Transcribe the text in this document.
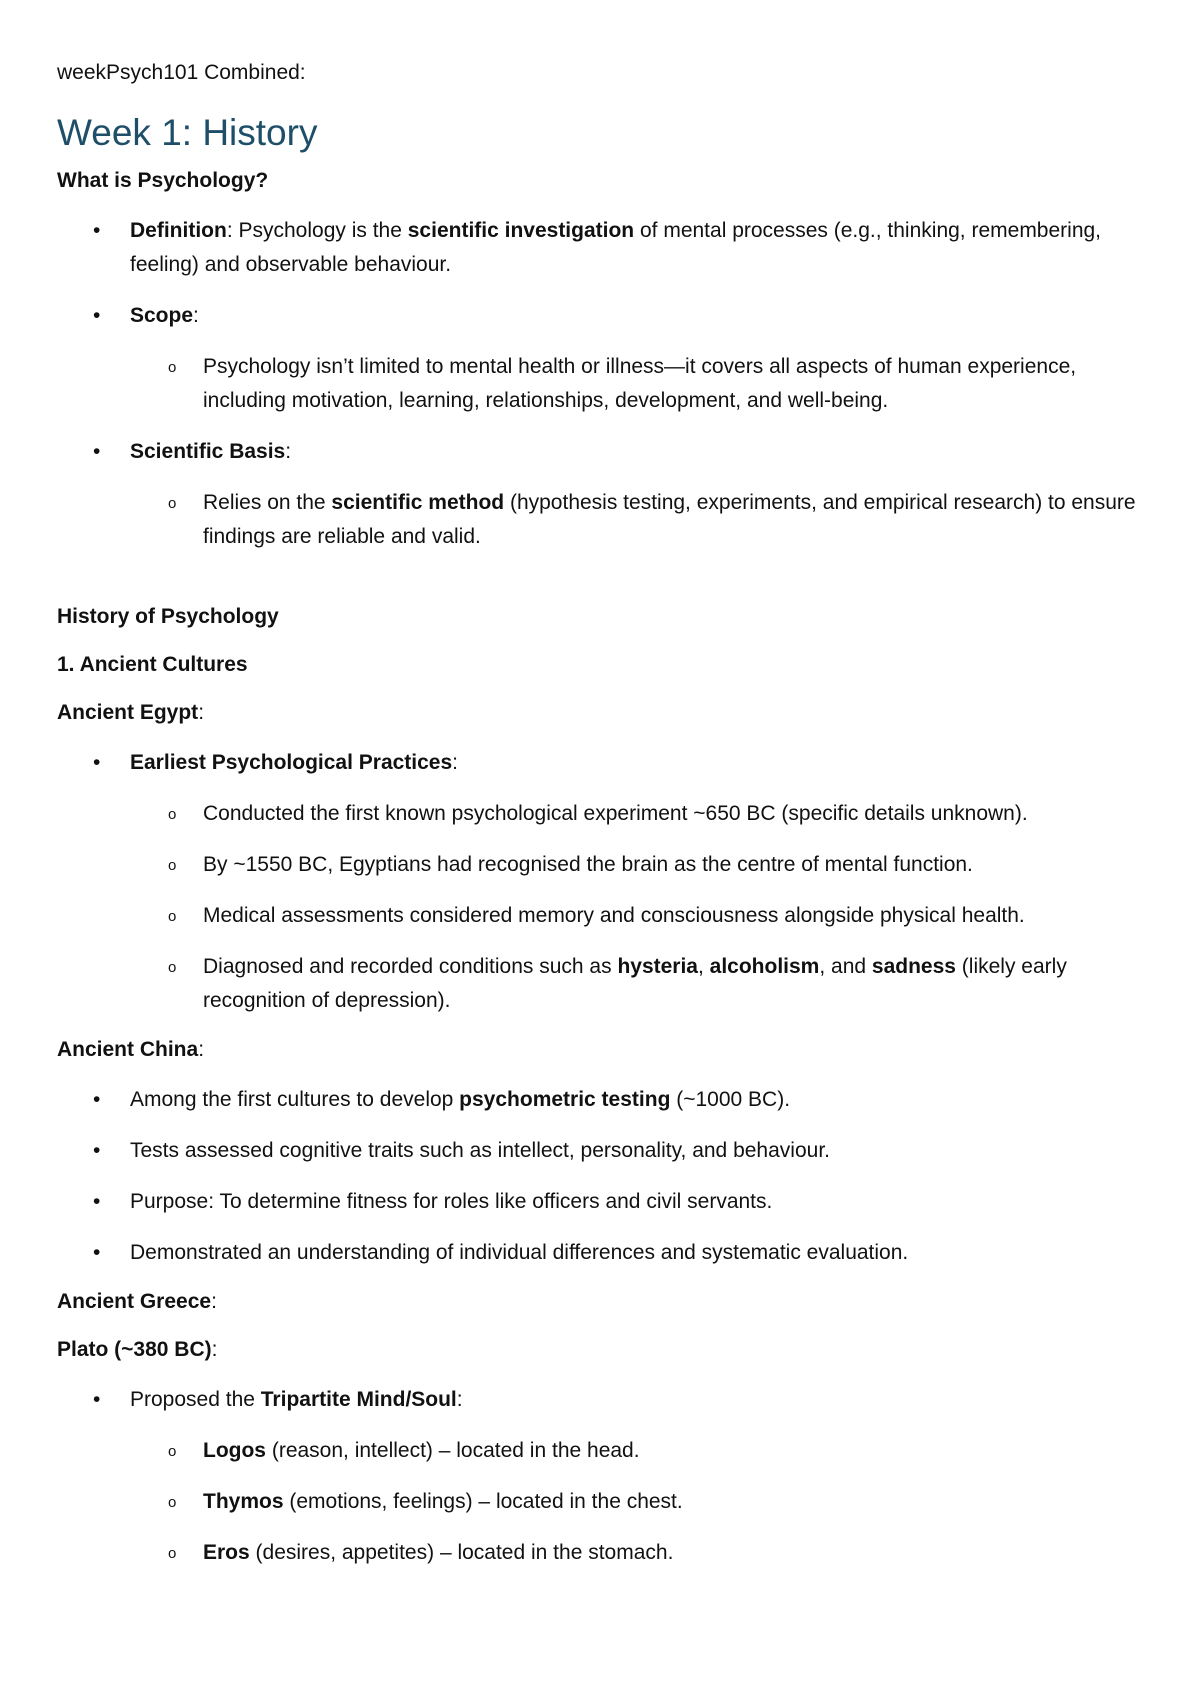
weekPsych101 Combined:
Week 1: History
What is Psychology?
• Definition: Psychology is the scientific investigation of mental processes (e.g., thinking, remembering, feeling) and observable behaviour.
• Scope:
o Psychology isn’t limited to mental health or illness—it covers all aspects of human experience, including motivation, learning, relationships, development, and well-being.
• Scientific Basis:
o Relies on the scientific method (hypothesis testing, experiments, and empirical research) to ensure findings are reliable and valid.
History of Psychology
1. Ancient Cultures
Ancient Egypt:
• Earliest Psychological Practices:
o Conducted the first known psychological experiment ~650 BC (specific details unknown).
o By ~1550 BC, Egyptians had recognised the brain as the centre of mental function.
o Medical assessments considered memory and consciousness alongside physical health.
o Diagnosed and recorded conditions such as hysteria, alcoholism, and sadness (likely early recognition of depression).
Ancient China:
• Among the first cultures to develop psychometric testing (~1000 BC).
• Tests assessed cognitive traits such as intellect, personality, and behaviour.
• Purpose: To determine fitness for roles like officers and civil servants.
• Demonstrated an understanding of individual differences and systematic evaluation.
Ancient Greece:
Plato (~380 BC):
• Proposed the Tripartite Mind/Soul:
o Logos (reason, intellect) – located in the head.
o Thymos (emotions, feelings) – located in the chest.
o Eros (desires, appetites) – located in the stomach.
